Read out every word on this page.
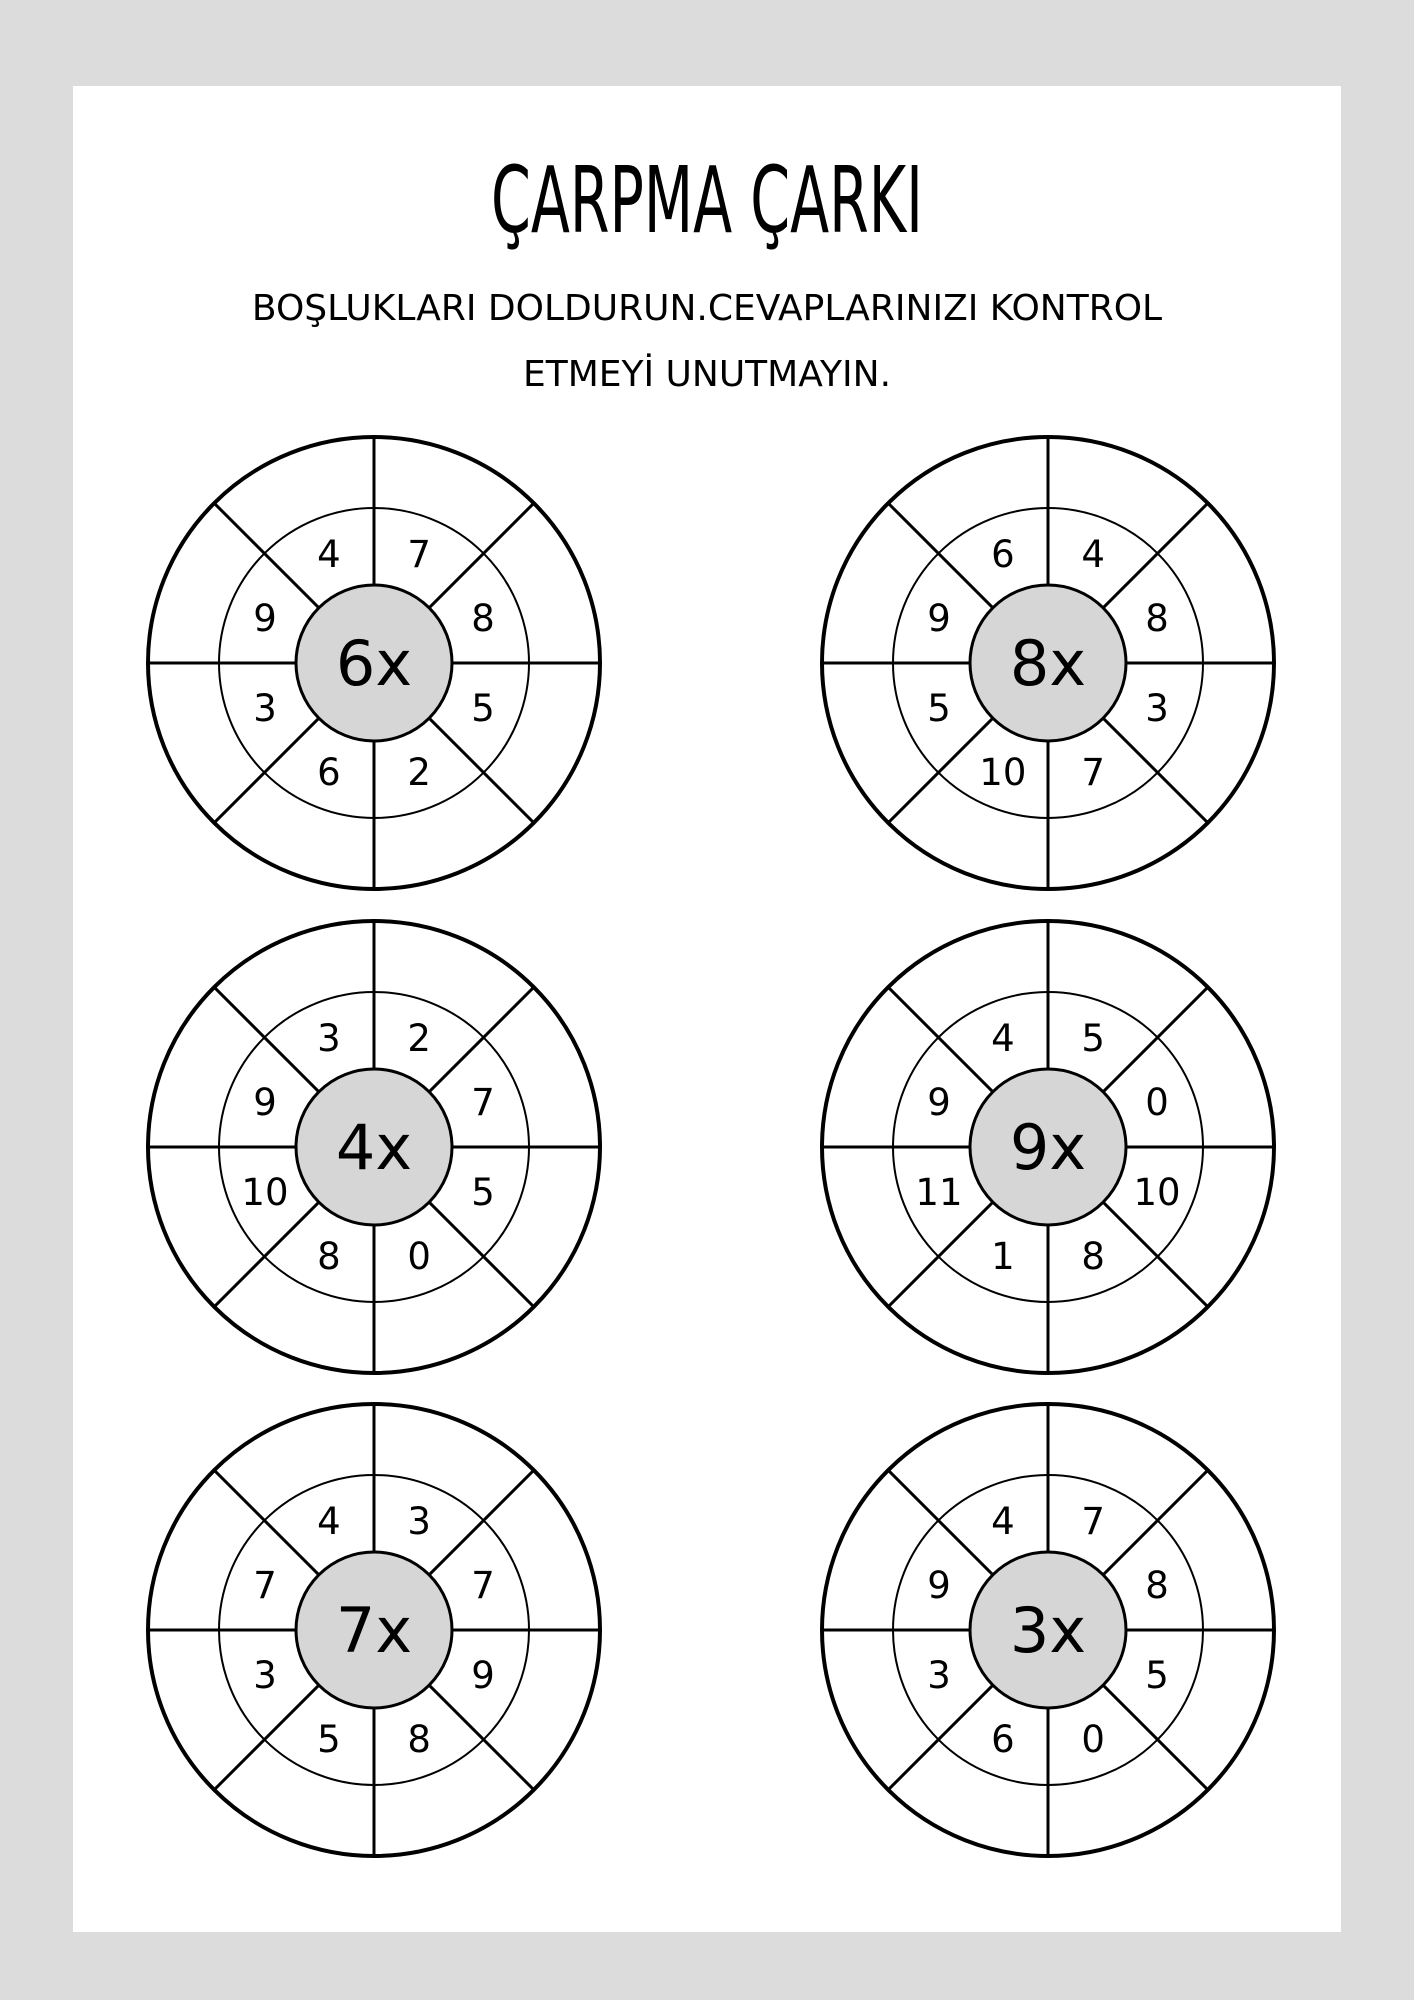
ÇARPMA ÇARKI

BOŞLUKLARI DOLDURUN.CEVAPLARINIZI KONTROL
ETMEYİ UNUTMAYIN.

6x
7
8
5
2
6
3
9
4
8x
4
8
3
7
10
5
9
6
4x
2
7
5
0
8
10
9
3
9x
5
0
10
8
1
11
9
4
7x
3
7
9
8
5
3
7
4
3x
7
8
5
0
6
3
9
4
